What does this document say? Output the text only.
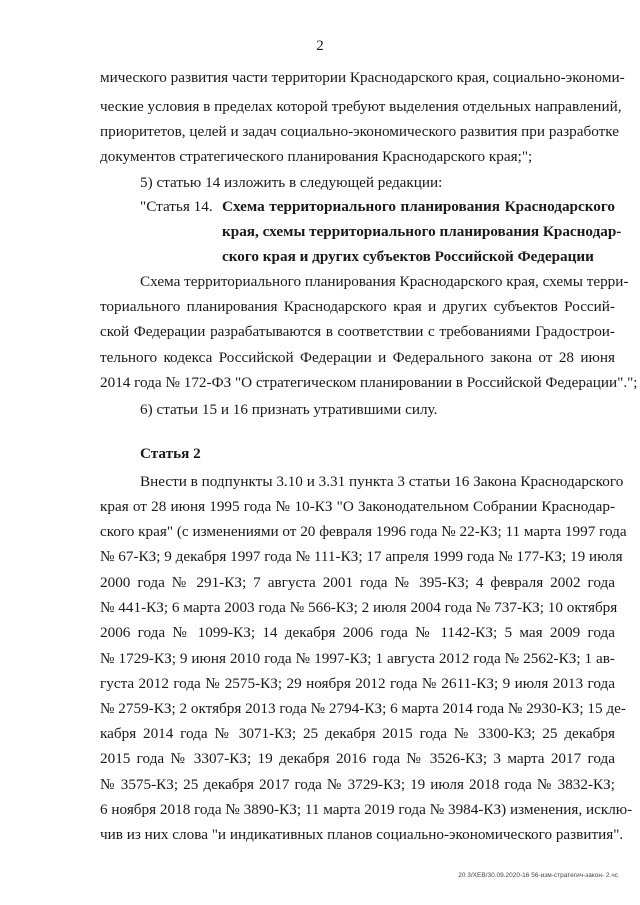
2
мического развития части территории Краснодарского края, социально-экономи-
ческие условия в пределах которой требуют выделения отдельных направлений,
приоритетов, целей и задач социально-экономического развития при разработке
документов стратегического планирования Краснодарского края;";
5) статью 14 изложить в следующей редакции:
"Статья 14. Схема территориального планирования Краснодарского
края, схемы территориального планирования Краснодар-
ского края и других субъектов Российской Федерации
Схема территориального планирования Краснодарского края, схемы терри-
ториального планирования Краснодарского края и других субъектов Россий-
ской Федерации разрабатываются в соответствии с требованиями Градострои-
тельного кодекса Российской Федерации и Федерального закона от 28 июня
2014 года № 172-ФЗ "О стратегическом планировании в Российской Федерации".";
6) статьи 15 и 16 признать утратившими силу.
Статья 2
Внести в подпункты 3.10 и 3.31 пункта 3 статьи 16 Закона Краснодарского
края от 28 июня 1995 года № 10-КЗ "О Законодательном Собрании Краснодар-
ского края" (с изменениями от 20 февраля 1996 года № 22-КЗ; 11 марта 1997 года
№ 67-КЗ; 9 декабря 1997 года № 111-КЗ; 17 апреля 1999 года № 177-КЗ; 19 июля
2000 года № 291-КЗ; 7 августа 2001 года № 395-КЗ; 4 февраля 2002 года
№ 441-КЗ; 6 марта 2003 года № 566-КЗ; 2 июля 2004 года № 737-КЗ; 10 октября
2006 года № 1099-КЗ; 14 декабря 2006 года № 1142-КЗ; 5 мая 2009 года
№ 1729-КЗ; 9 июня 2010 года № 1997-КЗ; 1 августа 2012 года № 2562-КЗ; 1 ав-
густа 2012 года № 2575-КЗ; 29 ноября 2012 года № 2611-КЗ; 9 июля 2013 года
№ 2759-КЗ; 2 октября 2013 года № 2794-КЗ; 6 марта 2014 года № 2930-КЗ; 15 де-
кабря 2014 года № 3071-КЗ; 25 декабря 2015 года № 3300-КЗ; 25 декабря
2015 года № 3307-КЗ; 19 декабря 2016 года № 3526-КЗ; 3 марта 2017 года
№ 3575-КЗ; 25 декабря 2017 года № 3729-КЗ; 19 июля 2018 года № 3832-КЗ;
6 ноября 2018 года № 3890-КЗ; 11 марта 2019 года № 3984-КЗ) изменения, исклю-
чив из них слова "и индикативных планов социально-экономического развития".
20 3/ХЕВ/30.09.2020-16 56-изм-стратегич-закон- 2.чс
